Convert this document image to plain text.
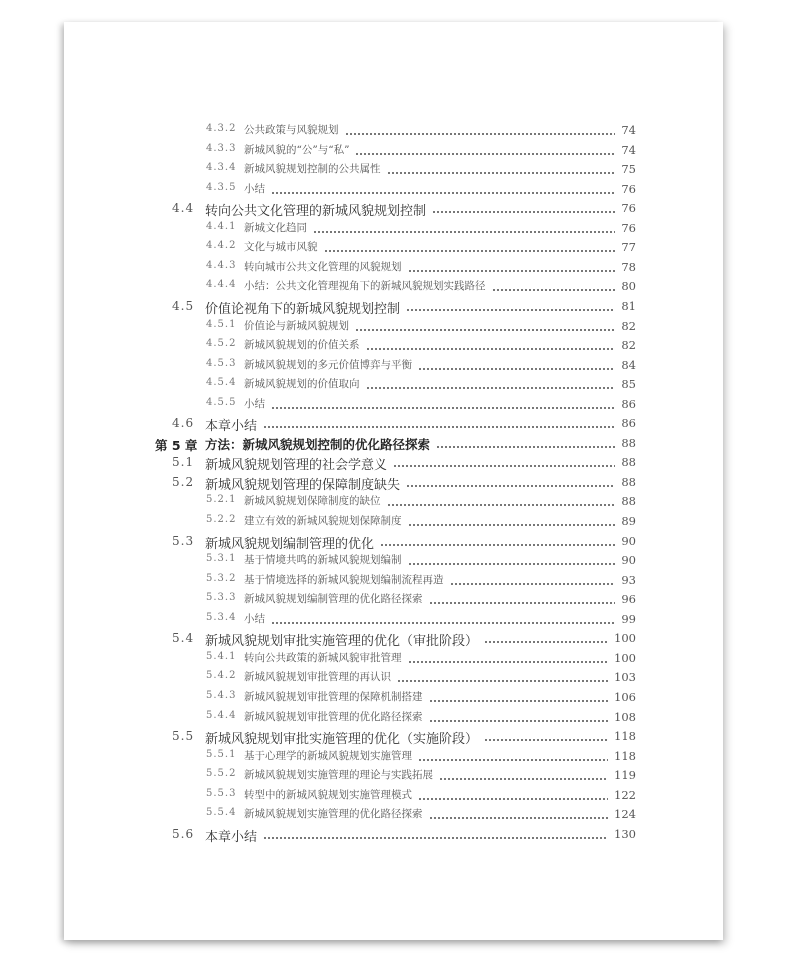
4.3.2 公共政策与风貌规划	74
4.3.3 新城风貌的“公”与“私”	74
4.3.4 新城风貌规划控制的公共属性	75
4.3.5 小结	76
4.4 转向公共文化管理的新城风貌规划控制	76
4.4.1 新城文化趋同	76
4.4.2 文化与城市风貌	77
4.4.3 转向城市公共文化管理的风貌规划	78
4.4.4 小结：公共文化管理视角下的新城风貌规划实践路径	80
4.5 价值论视角下的新城风貌规划控制	81
4.5.1 价值论与新城风貌规划	82
4.5.2 新城风貌规划的价值关系	82
4.5.3 新城风貌规划的多元价值博弈与平衡	84
4.5.4 新城风貌规划的价值取向	85
4.5.5 小结	86
4.6 本章小结	86
第 5 章 方法：新城风貌规划控制的优化路径探索	88
5.1 新城风貌规划管理的社会学意义	88
5.2 新城风貌规划管理的保障制度缺失	88
5.2.1 新城风貌规划保障制度的缺位	88
5.2.2 建立有效的新城风貌规划保障制度	89
5.3 新城风貌规划编制管理的优化	90
5.3.1 基于情境共鸣的新城风貌规划编制	90
5.3.2 基于情境选择的新城风貌规划编制流程再造	93
5.3.3 新城风貌规划编制管理的优化路径探索	96
5.3.4 小结	99
5.4 新城风貌规划审批实施管理的优化（审批阶段）	100
5.4.1 转向公共政策的新城风貌审批管理	100
5.4.2 新城风貌规划审批管理的再认识	103
5.4.3 新城风貌规划审批管理的保障机制搭建	106
5.4.4 新城风貌规划审批管理的优化路径探索	108
5.5 新城风貌规划审批实施管理的优化（实施阶段）	118
5.5.1 基于心理学的新城风貌规划实施管理	118
5.5.2 新城风貌规划实施管理的理论与实践拓展	119
5.5.3 转型中的新城风貌规划实施管理模式	122
5.5.4 新城风貌规划实施管理的优化路径探索	124
5.6 本章小结	130
